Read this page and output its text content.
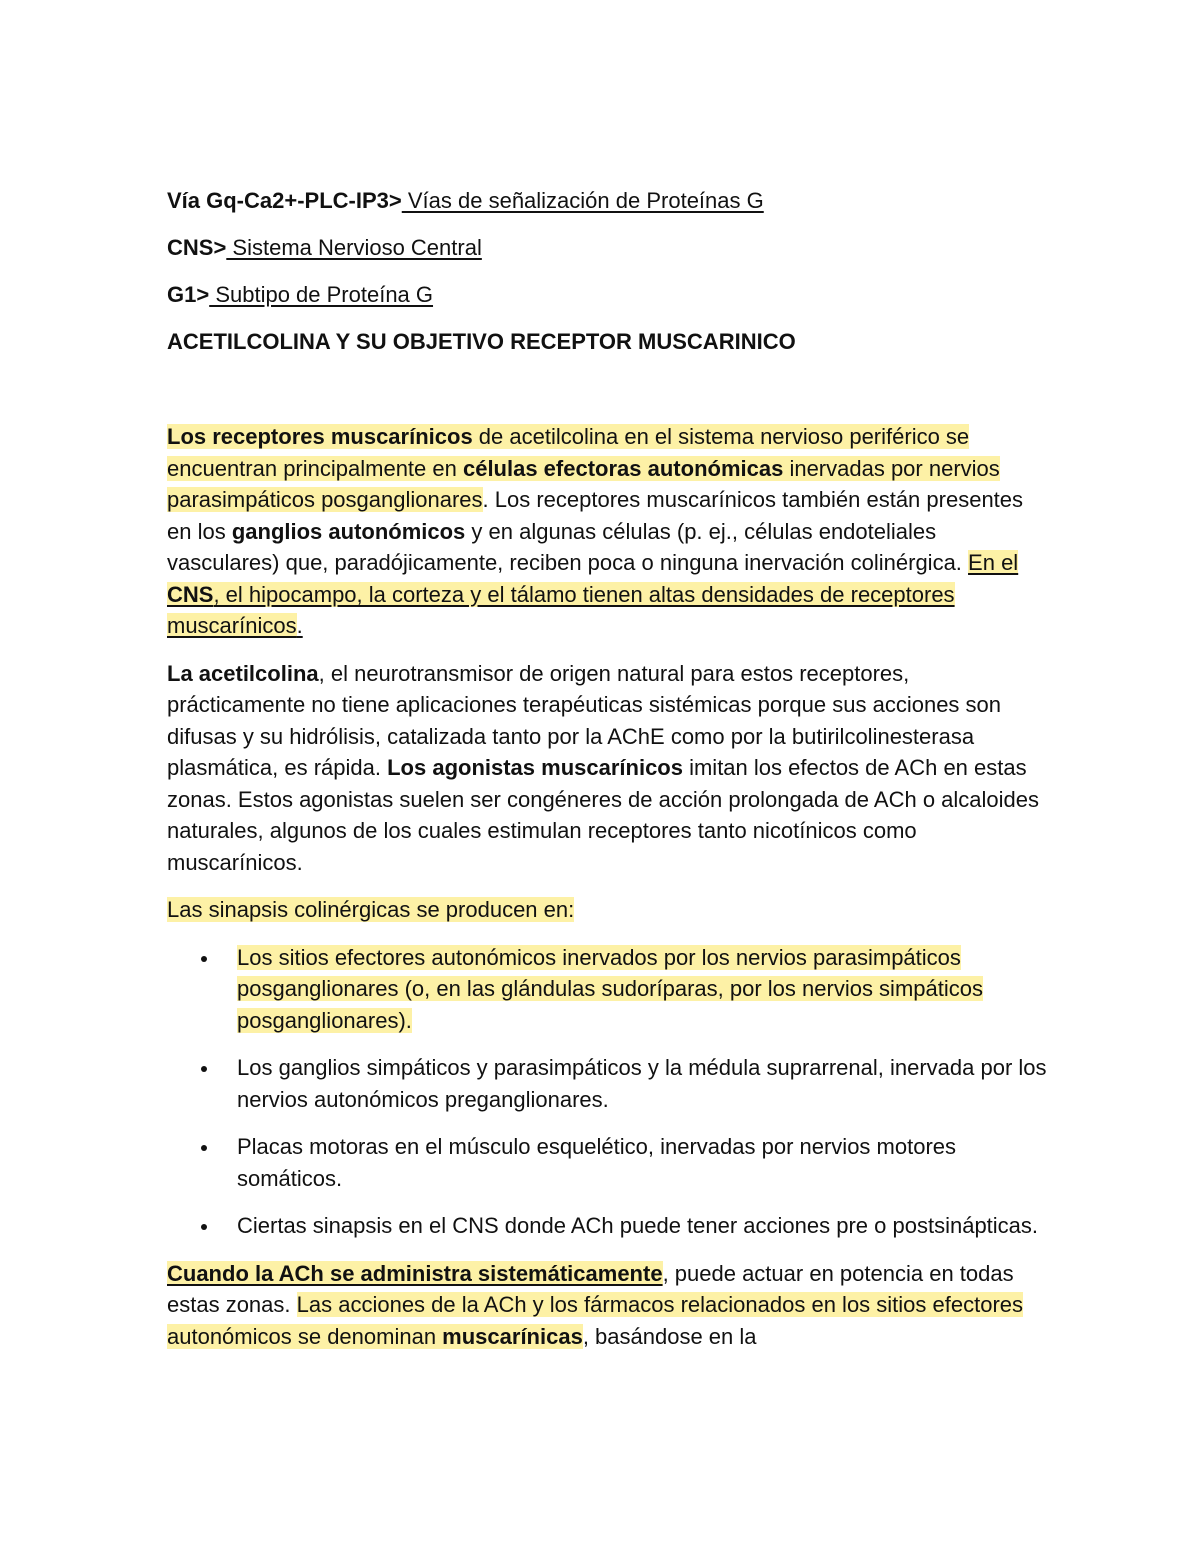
Vía Gq-Ca2+-PLC-IP3> Vías de señalización de Proteínas G

CNS> Sistema Nervioso Central

G1> Subtipo de Proteína G

ACETILCOLINA Y SU OBJETIVO RECEPTOR MUSCARINICO

Los receptores muscarínicos de acetilcolina en el sistema nervioso periférico se encuentran principalmente en células efectoras autonómicas inervadas por nervios parasimpáticos posganglionares. Los receptores muscarínicos también están presentes en los ganglios autonómicos y en algunas células (p. ej., células endoteliales vasculares) que, paradójicamente, reciben poca o ninguna inervación colinérgica. En el CNS, el hipocampo, la corteza y el tálamo tienen altas densidades de receptores muscarínicos.

La acetilcolina, el neurotransmisor de origen natural para estos receptores, prácticamente no tiene aplicaciones terapéuticas sistémicas porque sus acciones son difusas y su hidrólisis, catalizada tanto por la AChE como por la butirilcolinesterasa plasmática, es rápida. Los agonistas muscarínicos imitan los efectos de ACh en estas zonas. Estos agonistas suelen ser congéneres de acción prolongada de ACh o alcaloides naturales, algunos de los cuales estimulan receptores tanto nicotínicos como muscarínicos.

Las sinapsis colinérgicas se producen en:

Los sitios efectores autonómicos inervados por los nervios parasimpáticos posganglionares (o, en las glándulas sudoríparas, por los nervios simpáticos posganglionares).
Los ganglios simpáticos y parasimpáticos y la médula suprarrenal, inervada por los nervios autonómicos preganglionares.
Placas motoras en el músculo esquelético, inervadas por nervios motores somáticos.
Ciertas sinapsis en el CNS donde ACh puede tener acciones pre o postsinápticas.

Cuando la ACh se administra sistemáticamente, puede actuar en potencia en todas estas zonas. Las acciones de la ACh y los fármacos relacionados en los sitios efectores autonómicos se denominan muscarínicas, basándose en la
